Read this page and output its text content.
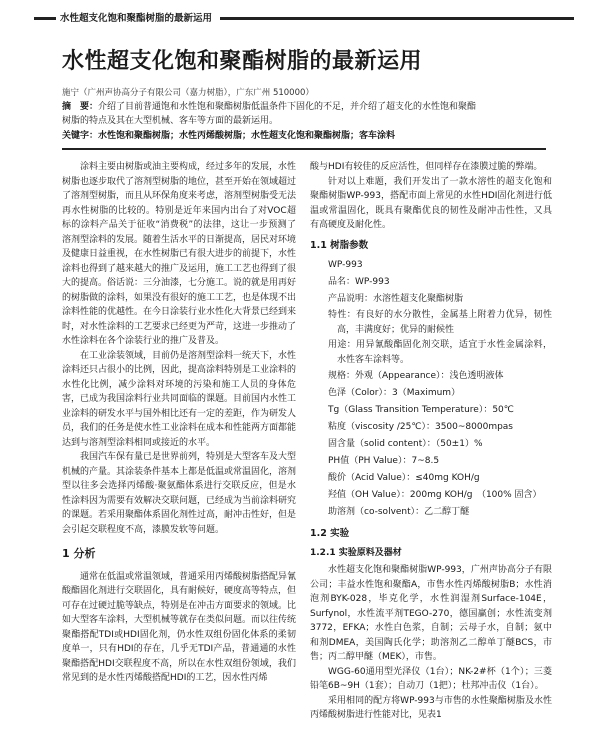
水性超支化饱和聚酯树脂的最新运用
水性超支化饱和聚酯树脂的最新运用
施宁（广州声协高分子有限公司（嘉力树脂），广东广州 510000）
摘　要：介绍了目前普通饱和水性饱和聚酯树脂低温条件下固化的不足，并介绍了超支化的水性饱和聚酯树脂的特点及其在大型机械、客车等方面的最新运用。
关键字：水性饱和聚酯树脂；水性丙烯酸树脂；水性超支化饱和聚酯树脂；客车涂料

涂料主要由树脂或油主要构成，经过多年的发展，水性树脂也逐步取代了溶剂型树脂的地位，甚至开始在领域超过了溶剂型树脂，而且从环保角度来考虑，溶剂型树脂受无法再水性树脂的比较的。特别是近年来国内出台了对VOC超标的涂料产品关于征收“消费税”的法律，这让一步预测了溶剂型涂料的发展。随着生活水平的日渐提高，居民对环境及健康日益重视，在水性树脂已有很大进步的前提下，水性涂料也得到了越来越大的推广及运用，施工工艺也得到了很大的提高。俗话说：三分油漆，七分施工。说的就是用再好的树脂做的涂料，如果没有很好的施工工艺，也是体现不出涂料性能的优越性。在今日涂装行业水性化大背景已经到来时，对水性涂料的工艺要求已经更为严苛，这进一步推动了水性涂料在各个涂装行业的推广及普及。

在工业涂装领域，目前仍是溶剂型涂料一统天下，水性涂料还只占很小的比例，因此，提高涂料特别是工业涂料的水性化比例，减少涂料对环境的污染和施工人员的身体危害，已成为我国涂料行业共同面临的课题。目前国内水性工业涂料的研发水平与国外相比还有一定的差距，作为研发人员，我们的任务是使水性工业涂料在成本和性能两方面都能达到与溶剂型涂料相同或接近的水平。

我国汽车保有量已是世界前列，特别是大型客车及大型机械的产量。其涂装条件基本上都是低温或常温固化，溶剂型以往多会选择丙烯酸·聚氨酯体系进行交联反应，但是水性涂料因为需要有效解决交联问题，已经成为当前涂料研究的课题。若采用聚酯体系固化剂性过高，耐冲击性好，但是会引起交联程度不高，漆膜发软等问题。

1 分析

通常在低温或常温领域，普通采用丙烯酸树脂搭配异氰酸酯固化剂进行交联固化，具有耐候好，硬度高等特点，但可存在过硬过脆等缺点，特别是在冲击方面要求的领域。比如大型客车涂料，大型机械等就存在类似问题。而以往传统聚酯搭配TDI或HDI固化剂，仍水性双组份固化体系的柔韧度单一，只有HDI的存在，几乎无TDI产品，普通通的水性聚酯搭配HDI交联程度不高，所以在水性双组份领域，我们常见到的是水性丙烯酸搭配HDI的工艺，因水性丙烯

酸与HDI有较佳的反应活性，但同样存在漆膜过脆的弊端。

针对以上难题，我们开发出了一款水溶性的超支化饱和聚酯树脂WP-993，搭配市面上常见的水性HDI固化剂进行低温或常温固化，既具有聚酯优良的韧性及耐冲击性性，又具有高硬度及耐化性。

1.1 树脂参数
WP-993
品名：WP-993
产品说明：水溶性超支化聚酯树脂
特性：有良好的水分散性，金属基上附着力优异，韧性高，丰满度好；优异的耐候性
用途：用异氰酸酯固化剂交联，适宜于水性金属涂料，水性客车涂料等。
规格：外观（Appearance）：浅色透明液体
色泽（Color）：3（Maximum）
Tg（Glass Transition Temperature）：50℃
粘度（viscosity /25℃）：3500~8000mpas
固含量（solid content）：（50±1）%
PH值（PH Value）：7~8.5
酸价（Acid Value）：≤40mg KOH/g
羟值（OH Value）：200mg KOH/g　（100% 固含）
助溶剂（co-solvent）：乙二醇丁醚
1.2 实验
1.2.1 实验原料及器材

水性超支化饱和聚酯树脂WP-993，广州声协高分子有限公司；丰益水性饱和聚酯A，市售水性丙烯酸树脂B；水性消泡剂BYK-028，毕克化学，水性润湿剂Surface-104E，Surfynol，水性流平剂TEGO-270，德国赢创；水性流变剂3772，EFKA；水性白色浆，自制；云母子水，自制；氨中和剂DMEA，美国陶氏化学；助溶剂乙二醇单丁醚BCS，市售；丙二醇甲醚（MEK），市售。

WGG-60通用型光泽仪（1台）；NK-2#杯（1个）；三菱铅笔6B~9H（1套）；自动刀（1把）；杜邦冲击仪（1台）。

采用相同的配方将WP-993与市售的水性聚酯树脂及水性丙烯酸树脂进行性能对比，见表1
